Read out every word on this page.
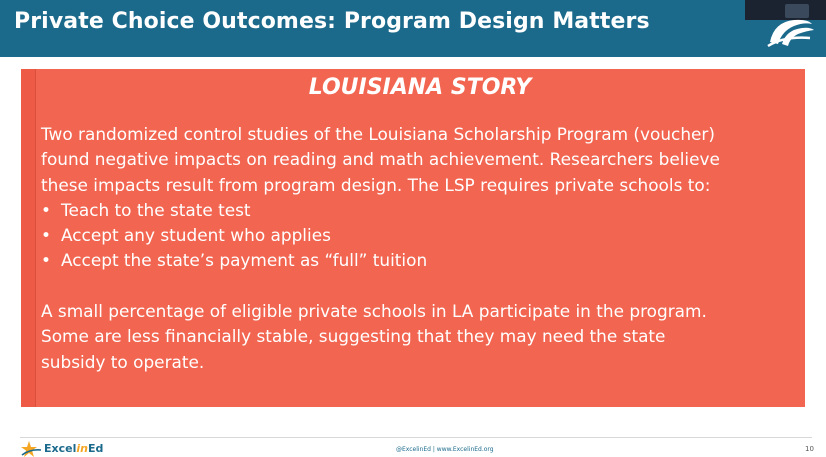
Private Choice Outcomes: Program Design Matters
LOUISIANA STORY
Two randomized control studies of the Louisiana Scholarship Program (voucher)
found negative impacts on reading and math achievement. Researchers believe
these impacts result from program design. The LSP requires private schools to:
• Teach to the state test
• Accept any student who applies
• Accept the state’s payment as “full” tuition
A small percentage of eligible private schools in LA participate in the program.
Some are less financially stable, suggesting that they may need the state
subsidy to operate.
ExcelinEd	@ExcelinEd | www.ExcelinEd.org	10
